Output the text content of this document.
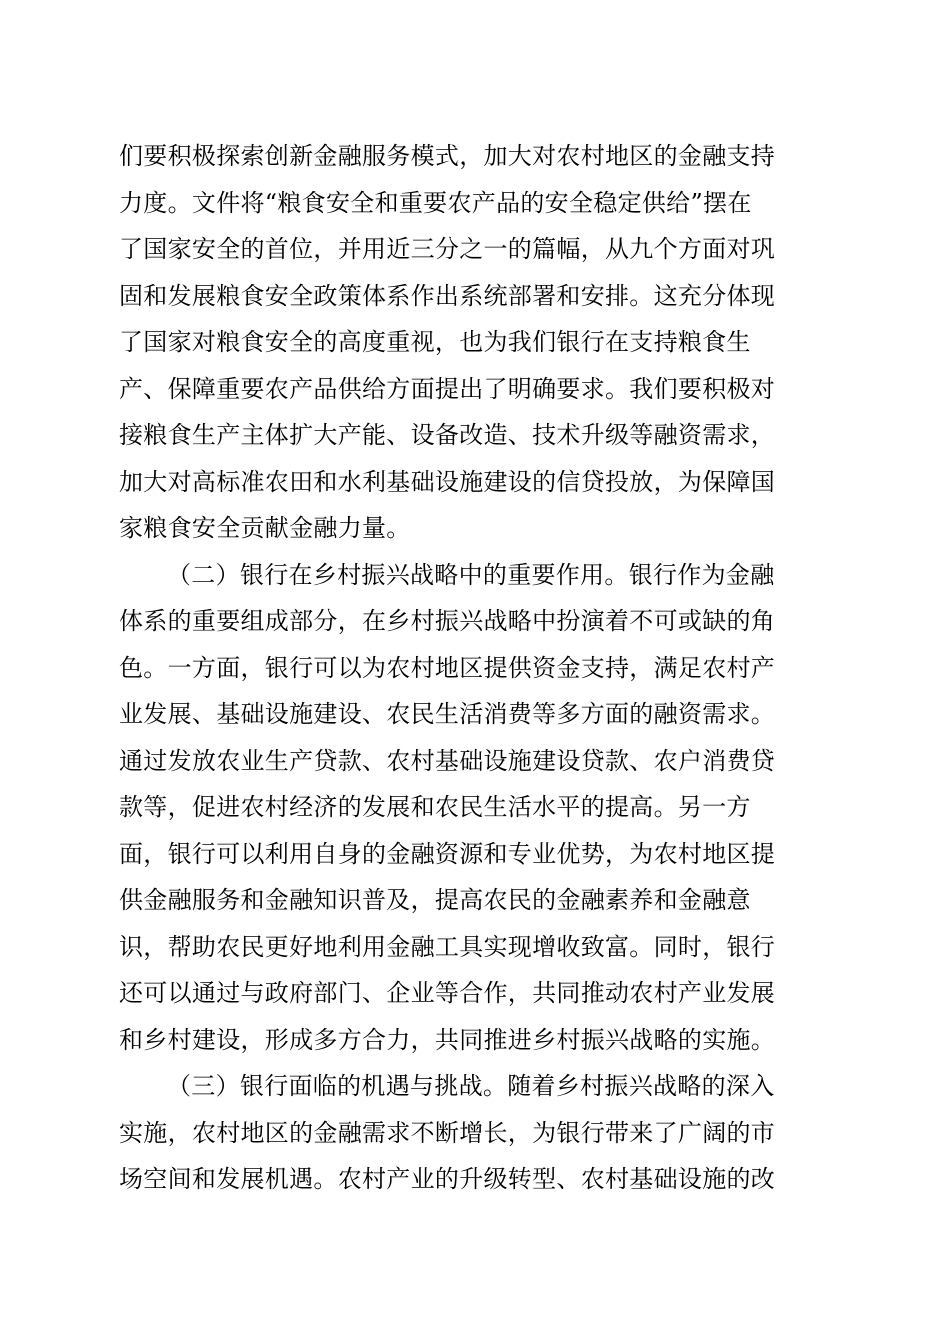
们要积极探索创新金融服务模式，加大对农村地区的金融支持
力度。文件将“粮食安全和重要农产品的安全稳定供给”摆在
了国家安全的首位，并用近三分之一的篇幅，从九个方面对巩
固和发展粮食安全政策体系作出系统部署和安排。这充分体现
了国家对粮食安全的高度重视，也为我们银行在支持粮食生
产、保障重要农产品供给方面提出了明确要求。我们要积极对
接粮食生产主体扩大产能、设备改造、技术升级等融资需求，
加大对高标准农田和水利基础设施建设的信贷投放，为保障国
家粮食安全贡献金融力量。
（二）银行在乡村振兴战略中的重要作用。银行作为金融
体系的重要组成部分，在乡村振兴战略中扮演着不可或缺的角
色。一方面，银行可以为农村地区提供资金支持，满足农村产
业发展、基础设施建设、农民生活消费等多方面的融资需求。
通过发放农业生产贷款、农村基础设施建设贷款、农户消费贷
款等，促进农村经济的发展和农民生活水平的提高。另一方
面，银行可以利用自身的金融资源和专业优势，为农村地区提
供金融服务和金融知识普及，提高农民的金融素养和金融意
识，帮助农民更好地利用金融工具实现增收致富。同时，银行
还可以通过与政府部门、企业等合作，共同推动农村产业发展
和乡村建设，形成多方合力，共同推进乡村振兴战略的实施。
（三）银行面临的机遇与挑战。随着乡村振兴战略的深入
实施，农村地区的金融需求不断增长，为银行带来了广阔的市
场空间和发展机遇。农村产业的升级转型、农村基础设施的改
